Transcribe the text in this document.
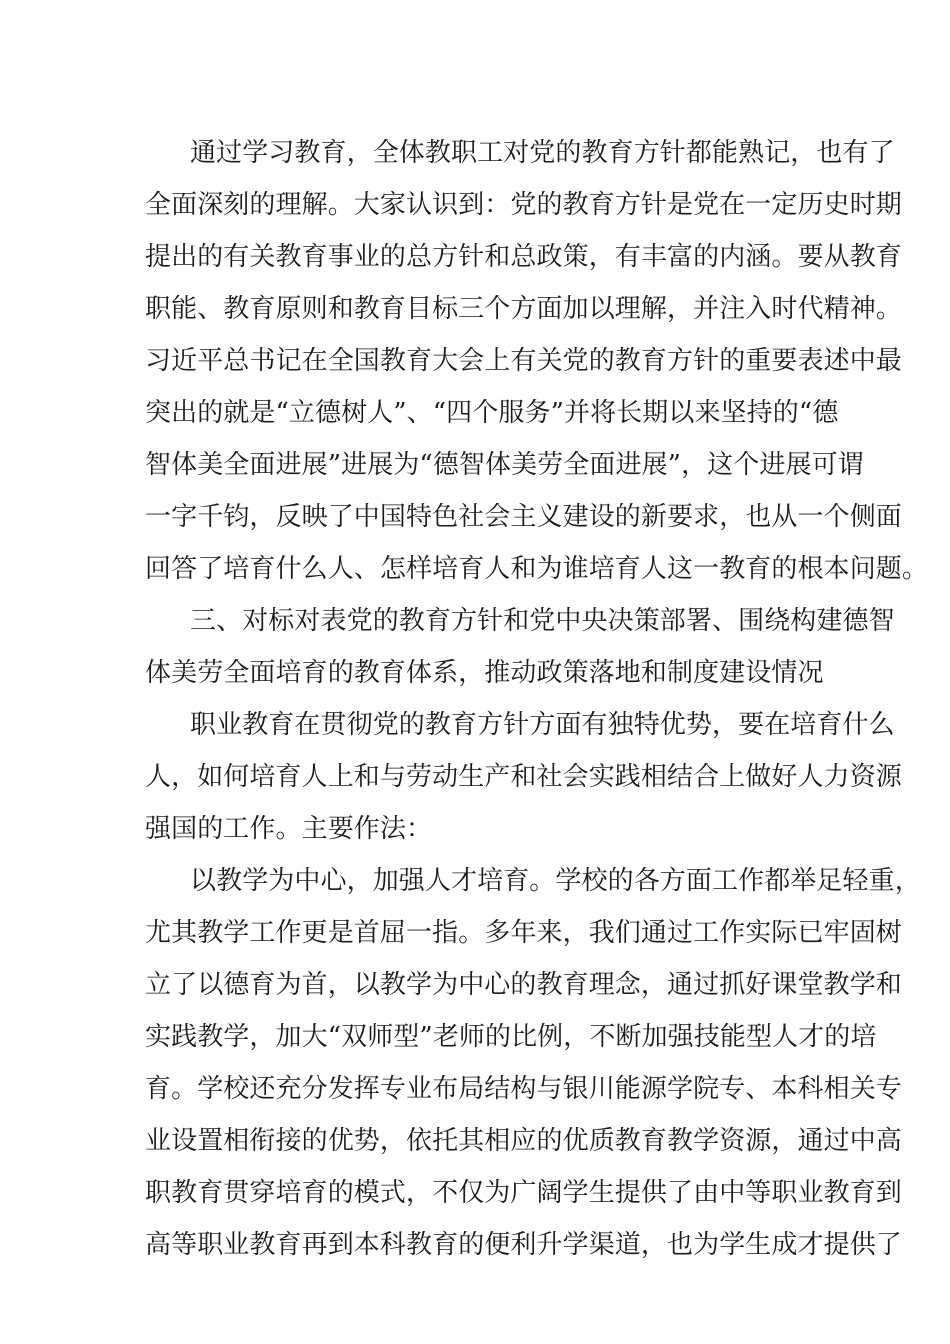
通过学习教育，全体教职工对党的教育方针都能熟记，也有了
全面深刻的理解。大家认识到：党的教育方针是党在一定历史时期
提出的有关教育事业的总方针和总政策，有丰富的内涵。要从教育
职能、教育原则和教育目标三个方面加以理解，并注入时代精神。
习近平总书记在全国教育大会上有关党的教育方针的重要表述中最
突出的就是“立德树人”、“四个服务”并将长期以来坚持的“德
智体美全面进展”进展为“德智体美劳全面进展”，这个进展可谓
一字千钧，反映了中国特色社会主义建设的新要求，也从一个侧面
回答了培育什么人、怎样培育人和为谁培育人这一教育的根本问题。
三、对标对表党的教育方针和党中央决策部署、围绕构建德智
体美劳全面培育的教育体系，推动政策落地和制度建设情况
职业教育在贯彻党的教育方针方面有独特优势，要在培育什么
人，如何培育人上和与劳动生产和社会实践相结合上做好人力资源
强国的工作。主要作法：
以教学为中心，加强人才培育。学校的各方面工作都举足轻重，
尤其教学工作更是首屈一指。多年来，我们通过工作实际已牢固树
立了以德育为首，以教学为中心的教育理念，通过抓好课堂教学和
实践教学，加大“双师型”老师的比例，不断加强技能型人才的培
育。学校还充分发挥专业布局结构与银川能源学院专、本科相关专
业设置相衔接的优势，依托其相应的优质教育教学资源，通过中高
职教育贯穿培育的模式，不仅为广阔学生提供了由中等职业教育到
高等职业教育再到本科教育的便利升学渠道，也为学生成才提供了
